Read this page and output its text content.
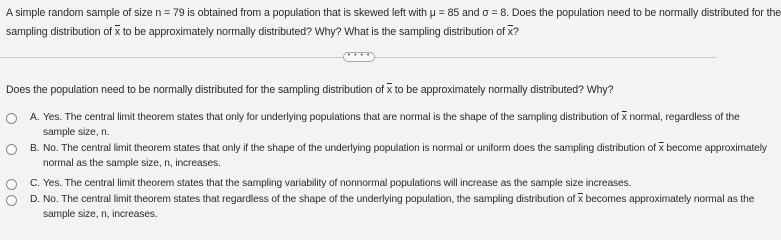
A simple random sample of size n = 79 is obtained from a population that is skewed left with μ = 85 and σ = 8. Does the population need to be normally distributed for the
sampling distribution of $\overline{x}$ to be approximately normally distributed? Why? What is the sampling distribution of $\overline{x}$?
• • • •
Does the population need to be normally distributed for the sampling distribution of $\overline{x}$ to be approximately normally distributed? Why?
A. Yes. The central limit theorem states that only for underlying populations that are normal is the shape of the sampling distribution of $\overline{x}$ normal, regardless of the
sample size, n.
B. No. The central limit theorem states that only if the shape of the underlying population is normal or uniform does the sampling distribution of $\overline{x}$ become approximately
normal as the sample size, n, increases.
C. Yes. The central limit theorem states that the sampling variability of nonnormal populations will increase as the sample size increases.
D. No. The central limit theorem states that regardless of the shape of the underlying population, the sampling distribution of $\overline{x}$ becomes approximately normal as the
sample size, n, increases.
